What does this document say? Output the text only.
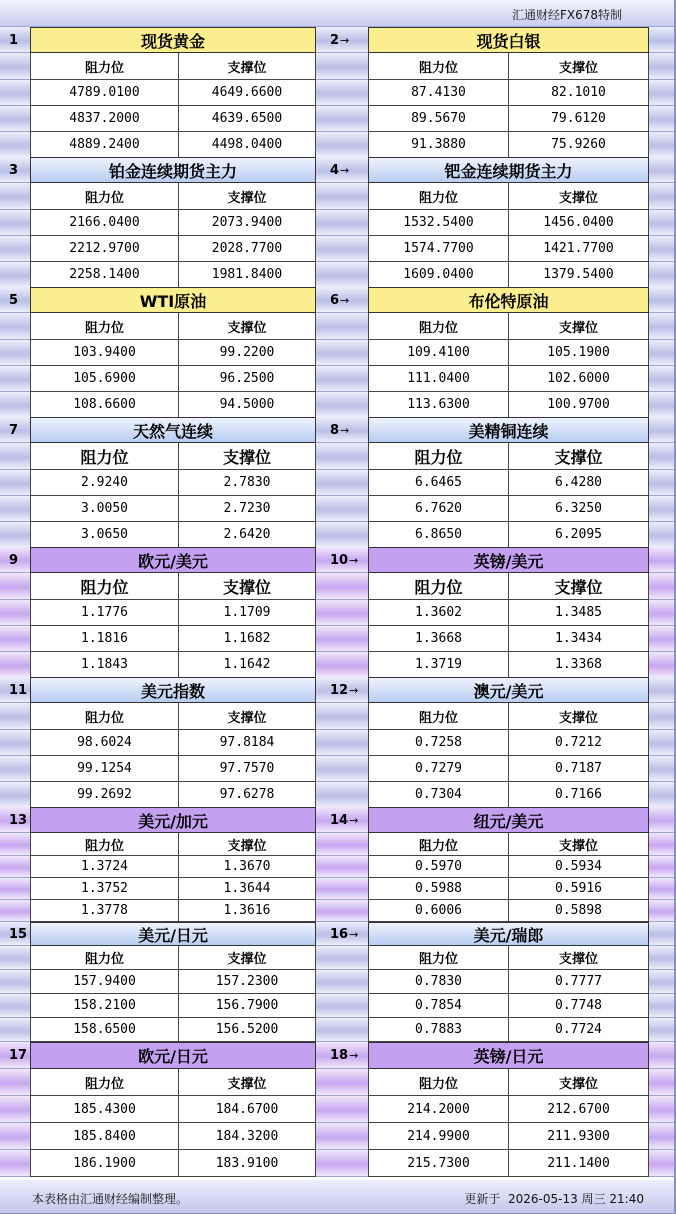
汇通财经FX678特制
1	现货黄金
阻力位	支撑位
4789.0100	4649.6600
4837.2000	4639.6500
4889.2400	4498.0400
2 →	现货白银
阻力位	支撑位
87.4130	82.1010
89.5670	79.6120
91.3880	75.9260
3	铂金连续期货主力
阻力位	支撑位
2166.0400	2073.9400
2212.9700	2028.7700
2258.1400	1981.8400
4 →	钯金连续期货主力
阻力位	支撑位
1532.5400	1456.0400
1574.7700	1421.7700
1609.0400	1379.5400
5	WTI原油
阻力位	支撑位
103.9400	99.2200
105.6900	96.2500
108.6600	94.5000
6 →	布伦特原油
阻力位	支撑位
109.4100	105.1900
111.0400	102.6000
113.6300	100.9700
7	天然气连续
阻力位	支撑位
2.9240	2.7830
3.0050	2.7230
3.0650	2.6420
8 →	美精铜连续
阻力位	支撑位
6.6465	6.4280
6.7620	6.3250
6.8650	6.2095
9	欧元/美元
阻力位	支撑位
1.1776	1.1709
1.1816	1.1682
1.1843	1.1642
10 →	英镑/美元
阻力位	支撑位
1.3602	1.3485
1.3668	1.3434
1.3719	1.3368
11	美元指数
阻力位	支撑位
98.6024	97.8184
99.1254	97.7570
99.2692	97.6278
12 →	澳元/美元
阻力位	支撑位
0.7258	0.7212
0.7279	0.7187
0.7304	0.7166
13	美元/加元
阻力位	支撑位
1.3724	1.3670
1.3752	1.3644
1.3778	1.3616
14 →	纽元/美元
阻力位	支撑位
0.5970	0.5934
0.5988	0.5916
0.6006	0.5898
15	美元/日元
阻力位	支撑位
157.9400	157.2300
158.2100	156.7900
158.6500	156.5200
16 →	美元/瑞郎
阻力位	支撑位
0.7830	0.7777
0.7854	0.7748
0.7883	0.7724
17	欧元/日元
阻力位	支撑位
185.4300	184.6700
185.8400	184.3200
186.1900	183.9100
18 →	英镑/日元
阻力位	支撑位
214.2000	212.6700
214.9900	211.9300
215.7300	211.1400
本表格由汇通财经编制整理。	更新于 2026-05-13 周三 21:40
